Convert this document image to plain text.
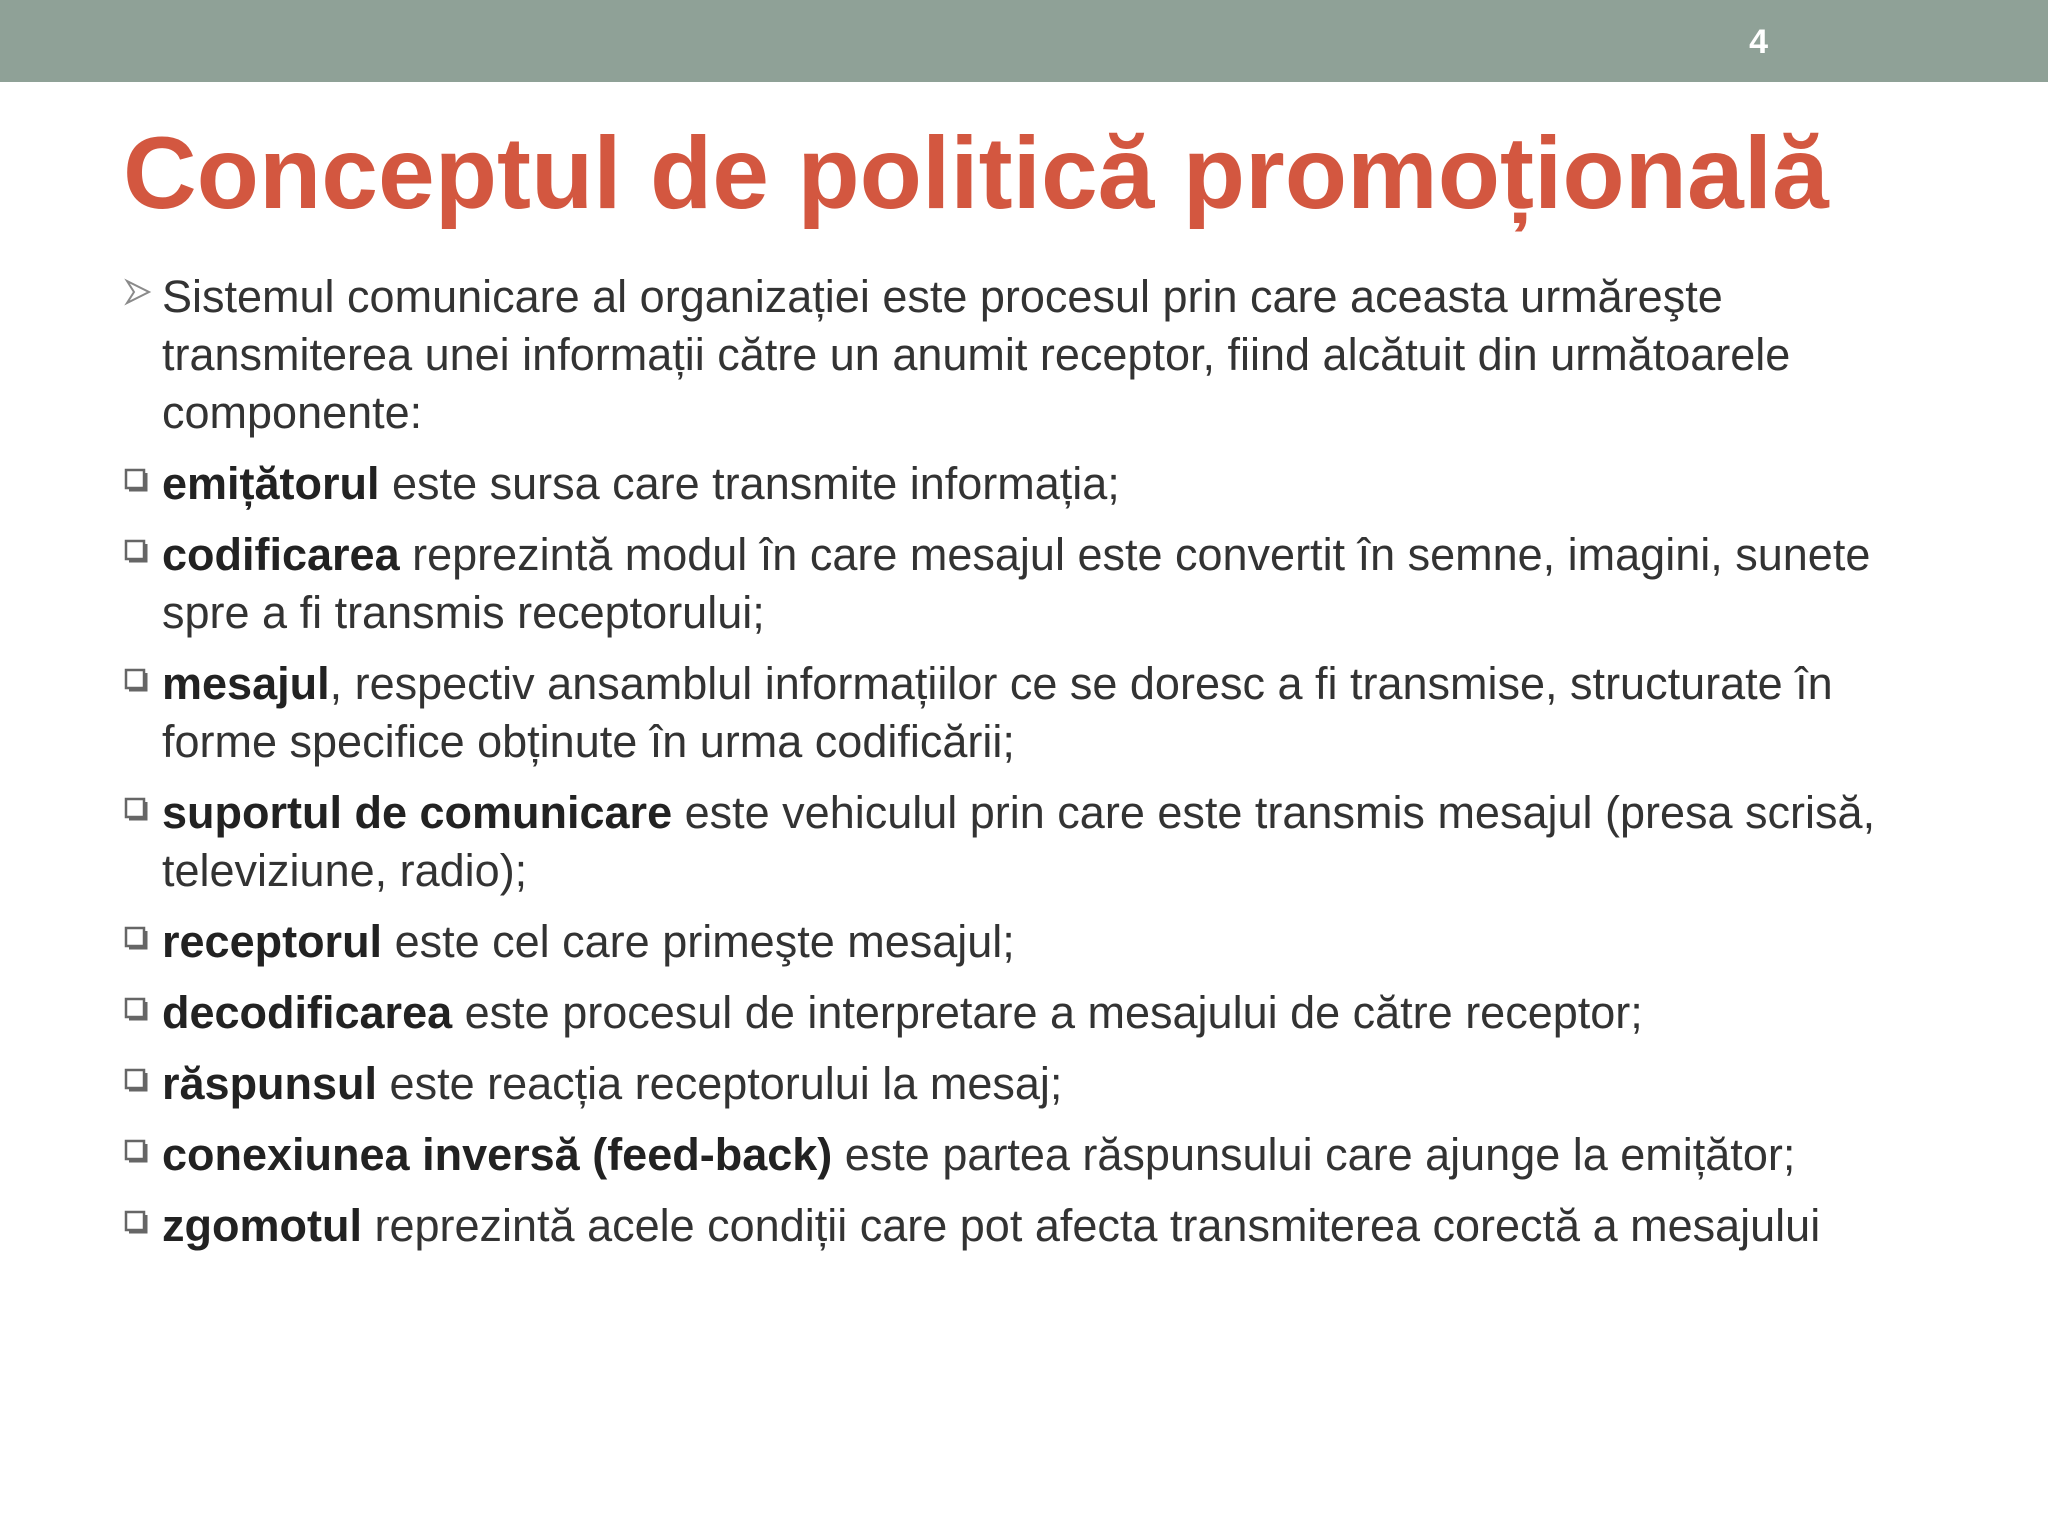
4
Conceptul de politică promoțională
Sistemul comunicare al organizației este procesul prin care aceasta urmăreşte transmiterea unei informații către un anumit receptor, fiind alcătuit din următoarele componente:
emițătorul este sursa care transmite informația;
codificarea reprezintă modul în care mesajul este convertit în semne, imagini, sunete spre a fi transmis receptorului;
mesajul, respectiv ansamblul informațiilor ce se doresc a fi transmise, structurate în forme specifice obținute în urma codificării;
suportul de comunicare este vehiculul prin care este transmis mesajul (presa scrisă, televiziune, radio);
receptorul este cel care primeşte mesajul;
decodificarea este procesul de interpretare a mesajului de către receptor;
răspunsul este reacția receptorului la mesaj;
conexiunea inversă (feed-back) este partea răspunsului care ajunge la emițător;
zgomotul reprezintă acele condiții care pot afecta transmiterea corectă a mesajului
